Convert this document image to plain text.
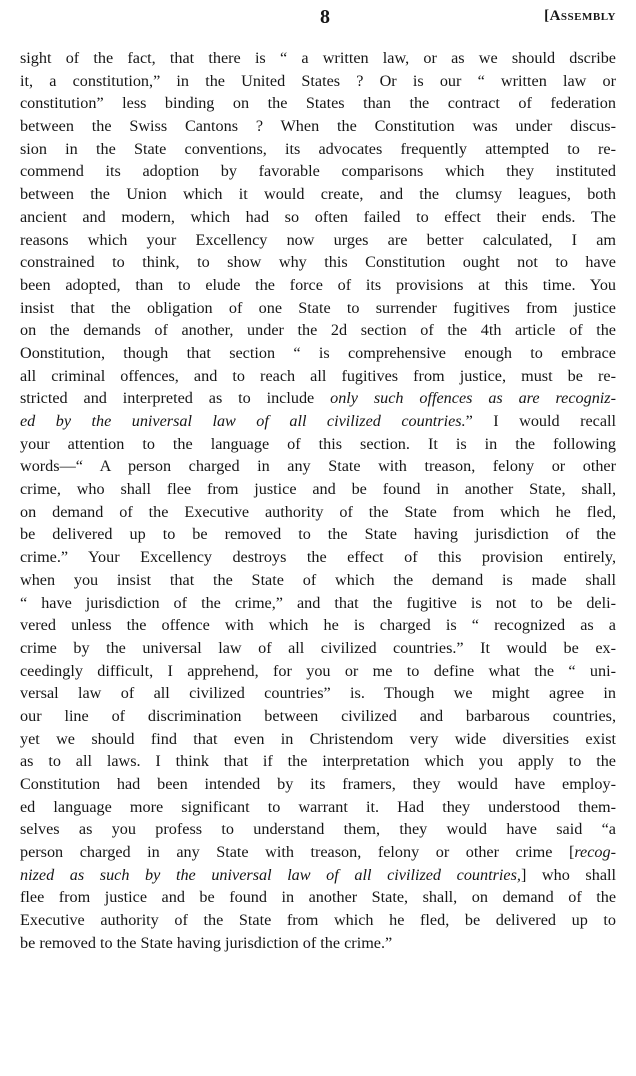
8	[Assembly
sight of the fact, that there is “ a written law, or as we should dscribe
it, a constitution,” in the United States ? Or is our “ written law or
constitution” less binding on the States than the contract of federation
between the Swiss Cantons ? When the Constitution was under discus-
sion in the State conventions, its advocates frequently attempted to re-
commend its adoption by favorable comparisons which they instituted
between the Union which it would create, and the clumsy leagues, both
ancient and modern, which had so often failed to effect their ends. The
reasons which your Excellency now urges are better calculated, I am
constrained to think, to show why this Constitution ought not to have
been adopted, than to elude the force of its provisions at this time. You
insist that the obligation of one State to surrender fugitives from justice
on the demands of another, under the 2d section of the 4th article of the
Oonstitution, though that section “ is comprehensive enough to embrace
all criminal offences, and to reach all fugitives from justice, must be re-
stricted and interpreted as to include only such offences as are recogniz-
ed by the universal law of all civilized countries.” I would recall
your attention to the language of this section. It is in the following
words—“ A person charged in any State with treason, felony or other
crime, who shall flee from justice and be found in another State, shall,
on demand of the Executive authority of the State from which he fled,
be delivered up to be removed to the State having jurisdiction of the
crime.” Your Excellency destroys the effect of this provision entirely,
when you insist that the State of which the demand is made shall
“ have jurisdiction of the crime,” and that the fugitive is not to be deli-
vered unless the offence with which he is charged is “ recognized as a
crime by the universal law of all civilized countries.” It would be ex-
ceedingly difficult, I apprehend, for you or me to define what the “ uni-
versal law of all civilized countries” is. Though we might agree in
our line of discrimination between civilized and barbarous countries,
yet we should find that even in Christendom very wide diversities exist
as to all laws. I think that if the interpretation which you apply to the
Constitution had been intended by its framers, they would have employ-
ed language more significant to warrant it. Had they understood them-
selves as you profess to understand them, they would have said “a
person charged in any State with treason, felony or other crime [recog-
nized as such by the universal law of all civilized countries,] who shall
flee from justice and be found in another State, shall, on demand of the
Executive authority of the State from which he fled, be delivered up to
be removed to the State having jurisdiction of the crime.”
